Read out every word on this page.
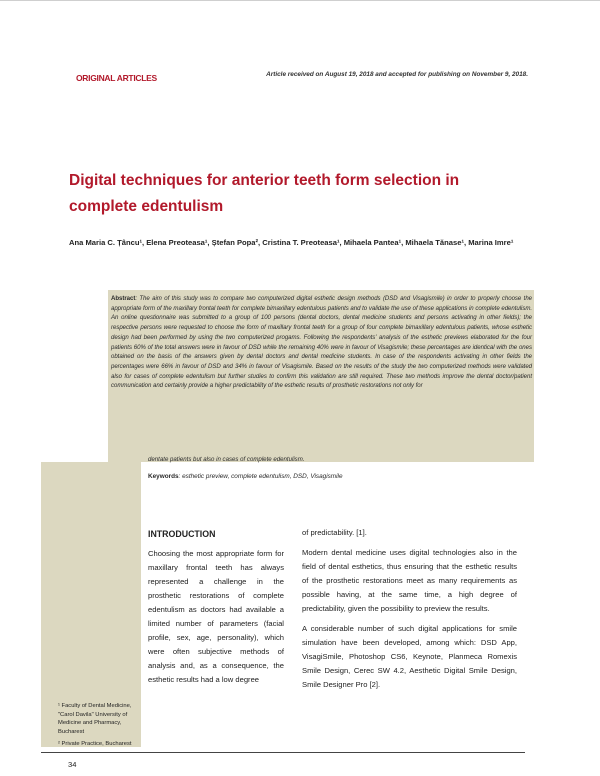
ORIGINAL ARTICLES	Article received on August 19, 2018 and accepted for publishing on November 9, 2018.
Digital techniques for anterior teeth form selection in complete edentulism
Ana Maria C. Țâncu¹, Elena Preoteasa¹, Ștefan Popa², Cristina T. Preoteasa¹, Mihaela Pantea¹, Mihaela Tănase¹, Marina Imre¹
Abstract: The aim of this study was to compare two computerized digital esthetic design methods (DSD and Visagismile) in order to properly choose the appropriate form of the maxillary frontal teeth for complete bimaxillary edentulous patients and to validate the use of these applications in complete edentulism. An online questionnaire was submitted to a group of 100 persons (dental doctors, dental medicine students and persons activating in other fields); the respective persons were requested to choose the form of maxillary frontal teeth for a group of four complete bimaxillary edentulous patients, whose esthetic design had been performed by using the two computerized progams. Following the respondents' analysis of the esthetic previews elaborated for the four patients 60% of the total answers were in favour of DSD while the remaining 40% were in favour of Visagismile; these percentages are identical with the ones obtained on the basis of the answers given by dental doctors and dental medicine students. In case of the respondents activating in other fields the percentages were 66% in favour of DSD and 34% in favour of Visagismile. Based on the results of the study the two computerized methods were validated also for cases of complete edentulism but further studies to confirm this validation are still required. These two methods improve the dental doctor/patient communication and certainly provide a higher predictability of the esthetic results of prosthetic restorations not only for
dentate patients but also in cases of complete edentulism.
Keywords: esthetic preview, complete edentulism, DSD, Visagismile
INTRODUCTION
Choosing the most appropriate form for maxillary frontal teeth has always represented a challenge in the prosthetic restorations of complete edentulism as doctors had available a limited number of parameters (facial profile, sex, age, personality), which were often subjective methods of analysis and, as a consequence, the esthetic results had a low degree

of predictability. [1].

Modern dental medicine uses digital technologies also in the field of dental esthetics, thus ensuring that the esthetic results of the prosthetic restorations meet as many requirements as possible having, at the same time, a high degree of predictability, given the possibility to preview the results.

A considerable number of such digital applications for smile simulation have been developed, among which: DSD App, VisagiSmile, Photoshop CS6, Keynote, Planmeca Romexis Smile Design, Cerec SW 4.2, Aesthetic Digital Smile Design, Smile Designer Pro [2].

¹ Faculty of Dental Medicine, "Carol Davila" University of Medicine and Pharmacy, Bucharest
² Private Practice, Bucharest
34
